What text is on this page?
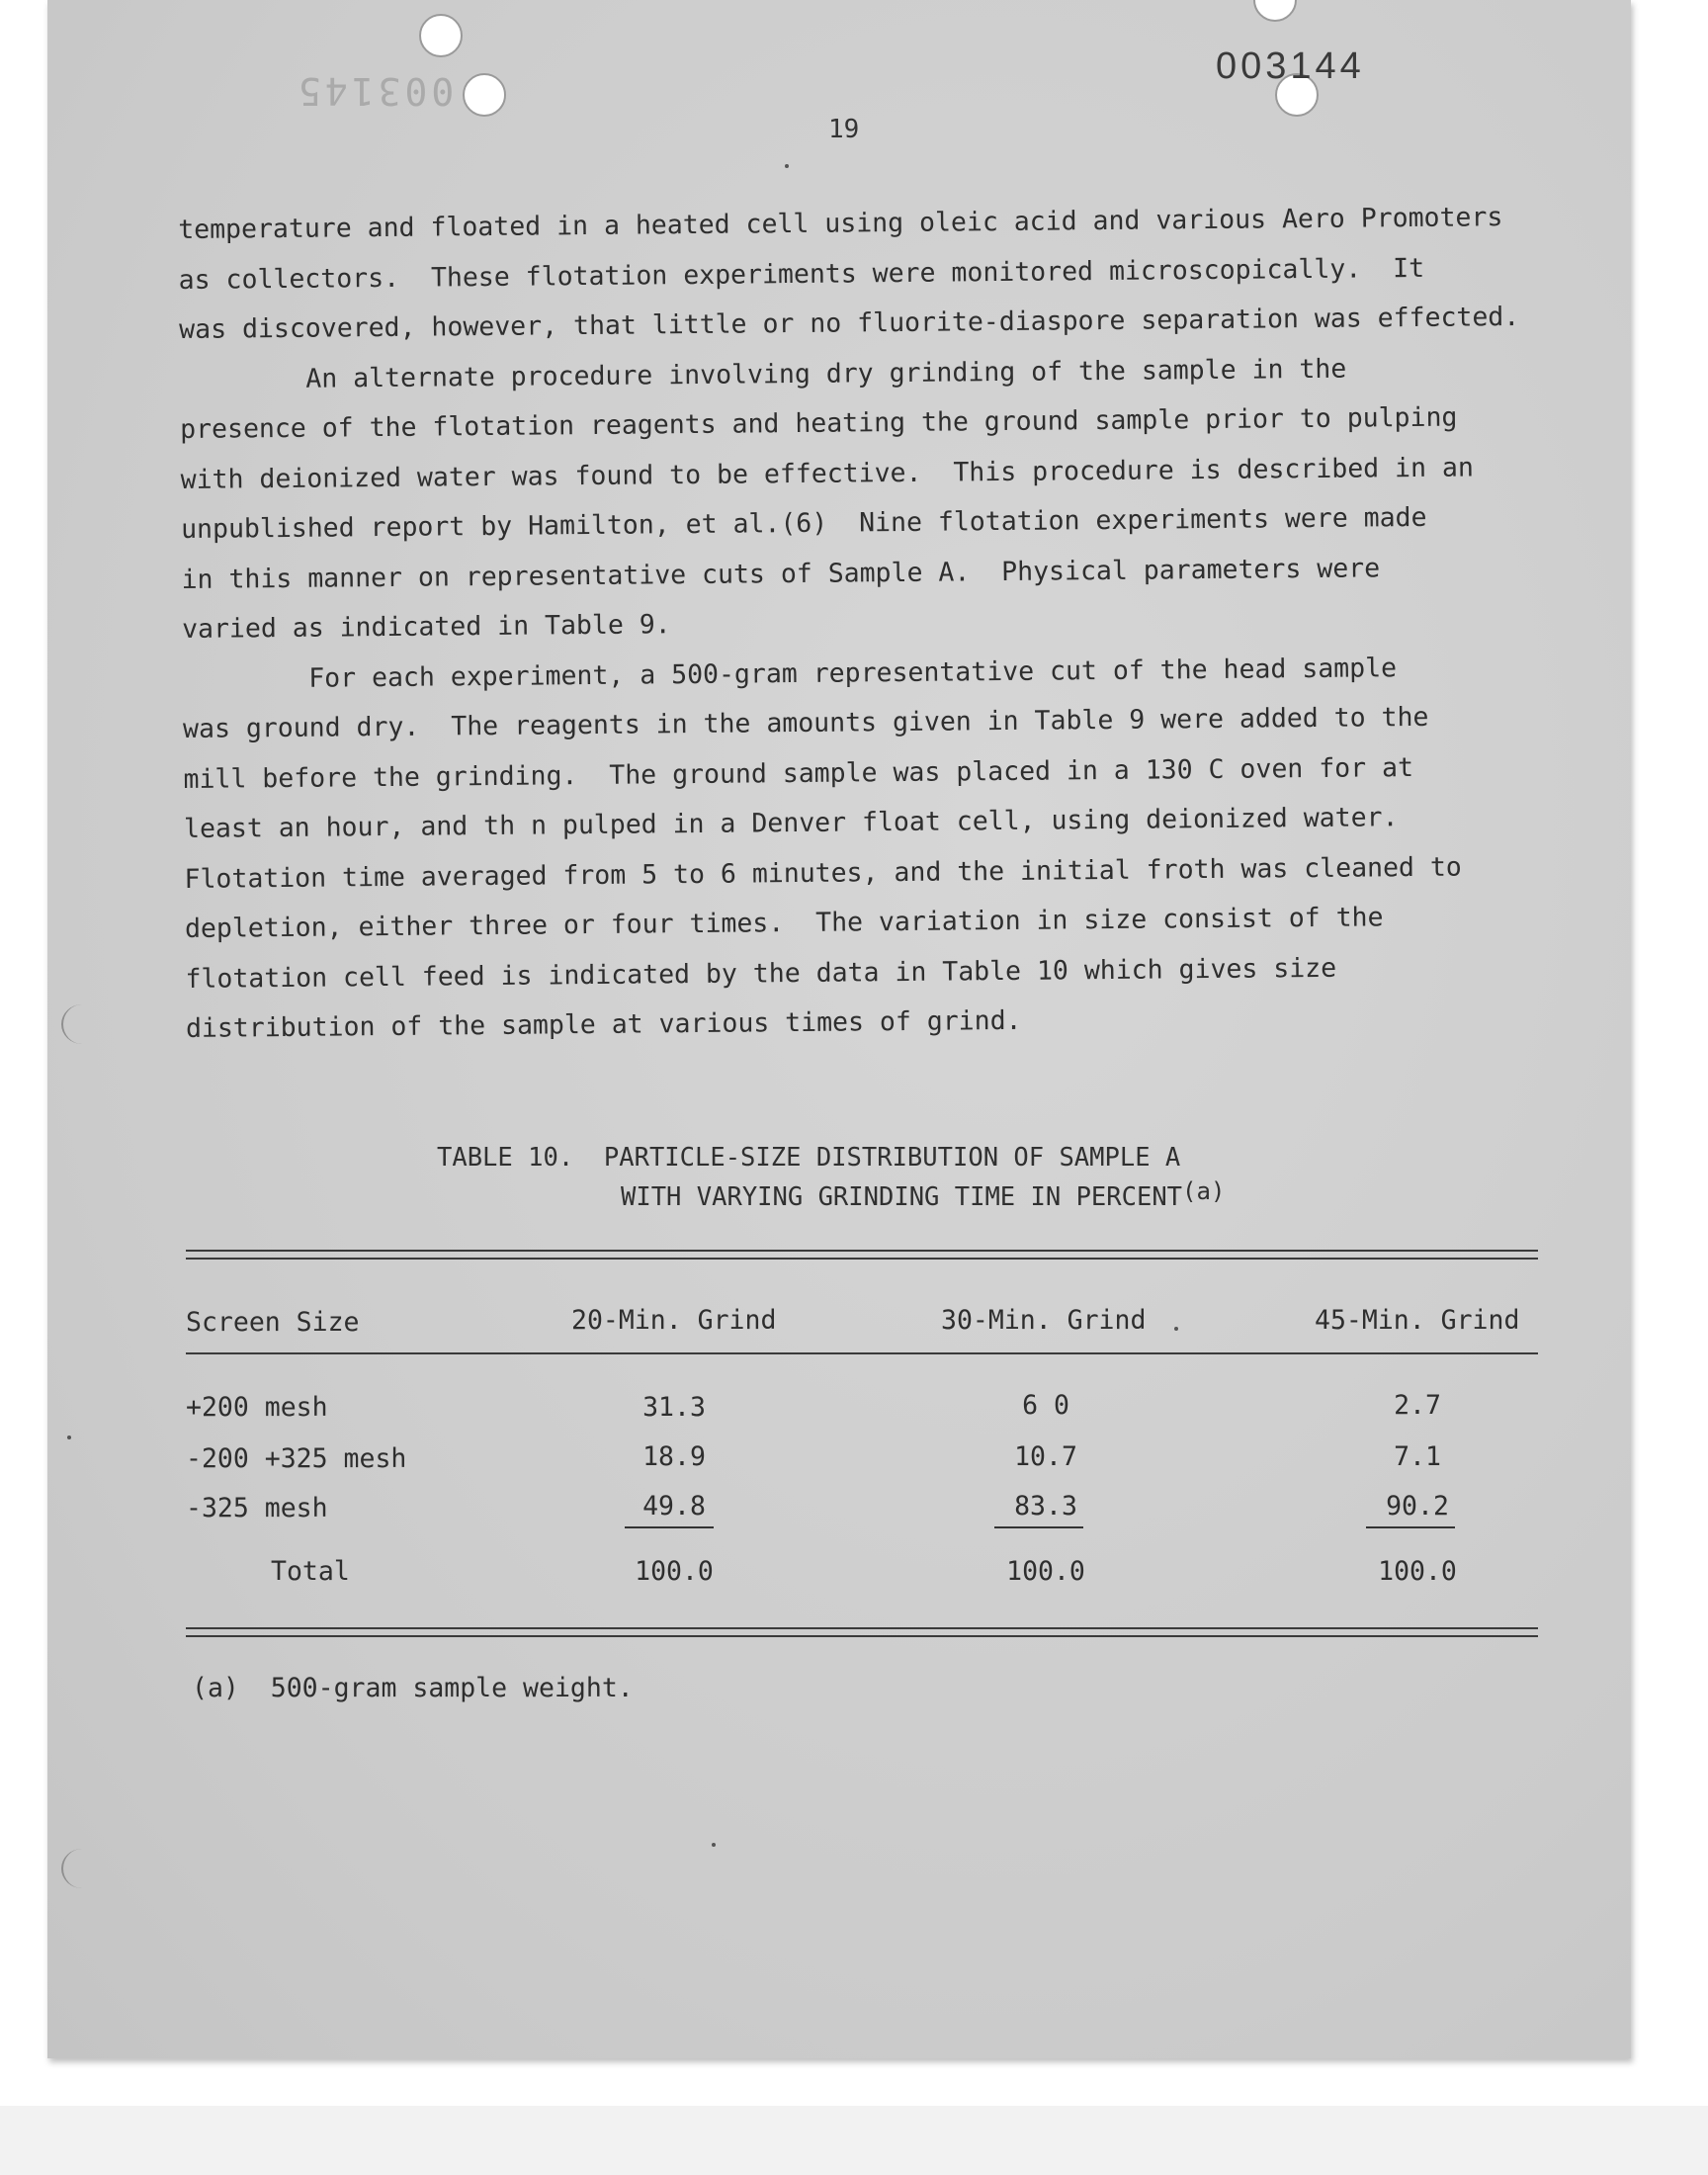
003145
003144
19

temperature and floated in a heated cell using oleic acid and various Aero Promoters
as collectors.  These flotation experiments were monitored microscopically.  It
was discovered, however, that little or no fluorite-diaspore separation was effected.

An alternate procedure involving dry grinding of the sample in the
presence of the flotation reagents and heating the ground sample prior to pulping
with deionized water was found to be effective.  This procedure is described in an
unpublished report by Hamilton, et al.(6)  Nine flotation experiments were made
in this manner on representative cuts of Sample A.  Physical parameters were
varied as indicated in Table 9.

For each experiment, a 500-gram representative cut of the head sample
was ground dry.  The reagents in the amounts given in Table 9 were added to the
mill before the grinding.  The ground sample was placed in a 130 C oven for at
least an hour, and th n pulped in a Denver float cell, using deionized water.
Flotation time averaged from 5 to 6 minutes, and the initial froth was cleaned to
depletion, either three or four times.  The variation in size consist of the
flotation cell feed is indicated by the data in Table 10 which gives size
distribution of the sample at various times of grind.

TABLE 10. PARTICLE-SIZE DISTRIBUTION OF SAMPLE A
WITH VARYING GRINDING TIME IN PERCENT$^{(a)}$
Screen Size	20-Min. Grind	30-Min. Grind	45-Min. Grind
+200 mesh	31.3	6 0	2.7
-200 +325 mesh	18.9	10.7	7.1
-325 mesh	49.8	83.3	90.2
Total	100.0	100.0	100.0
(a)  500-gram sample weight.
